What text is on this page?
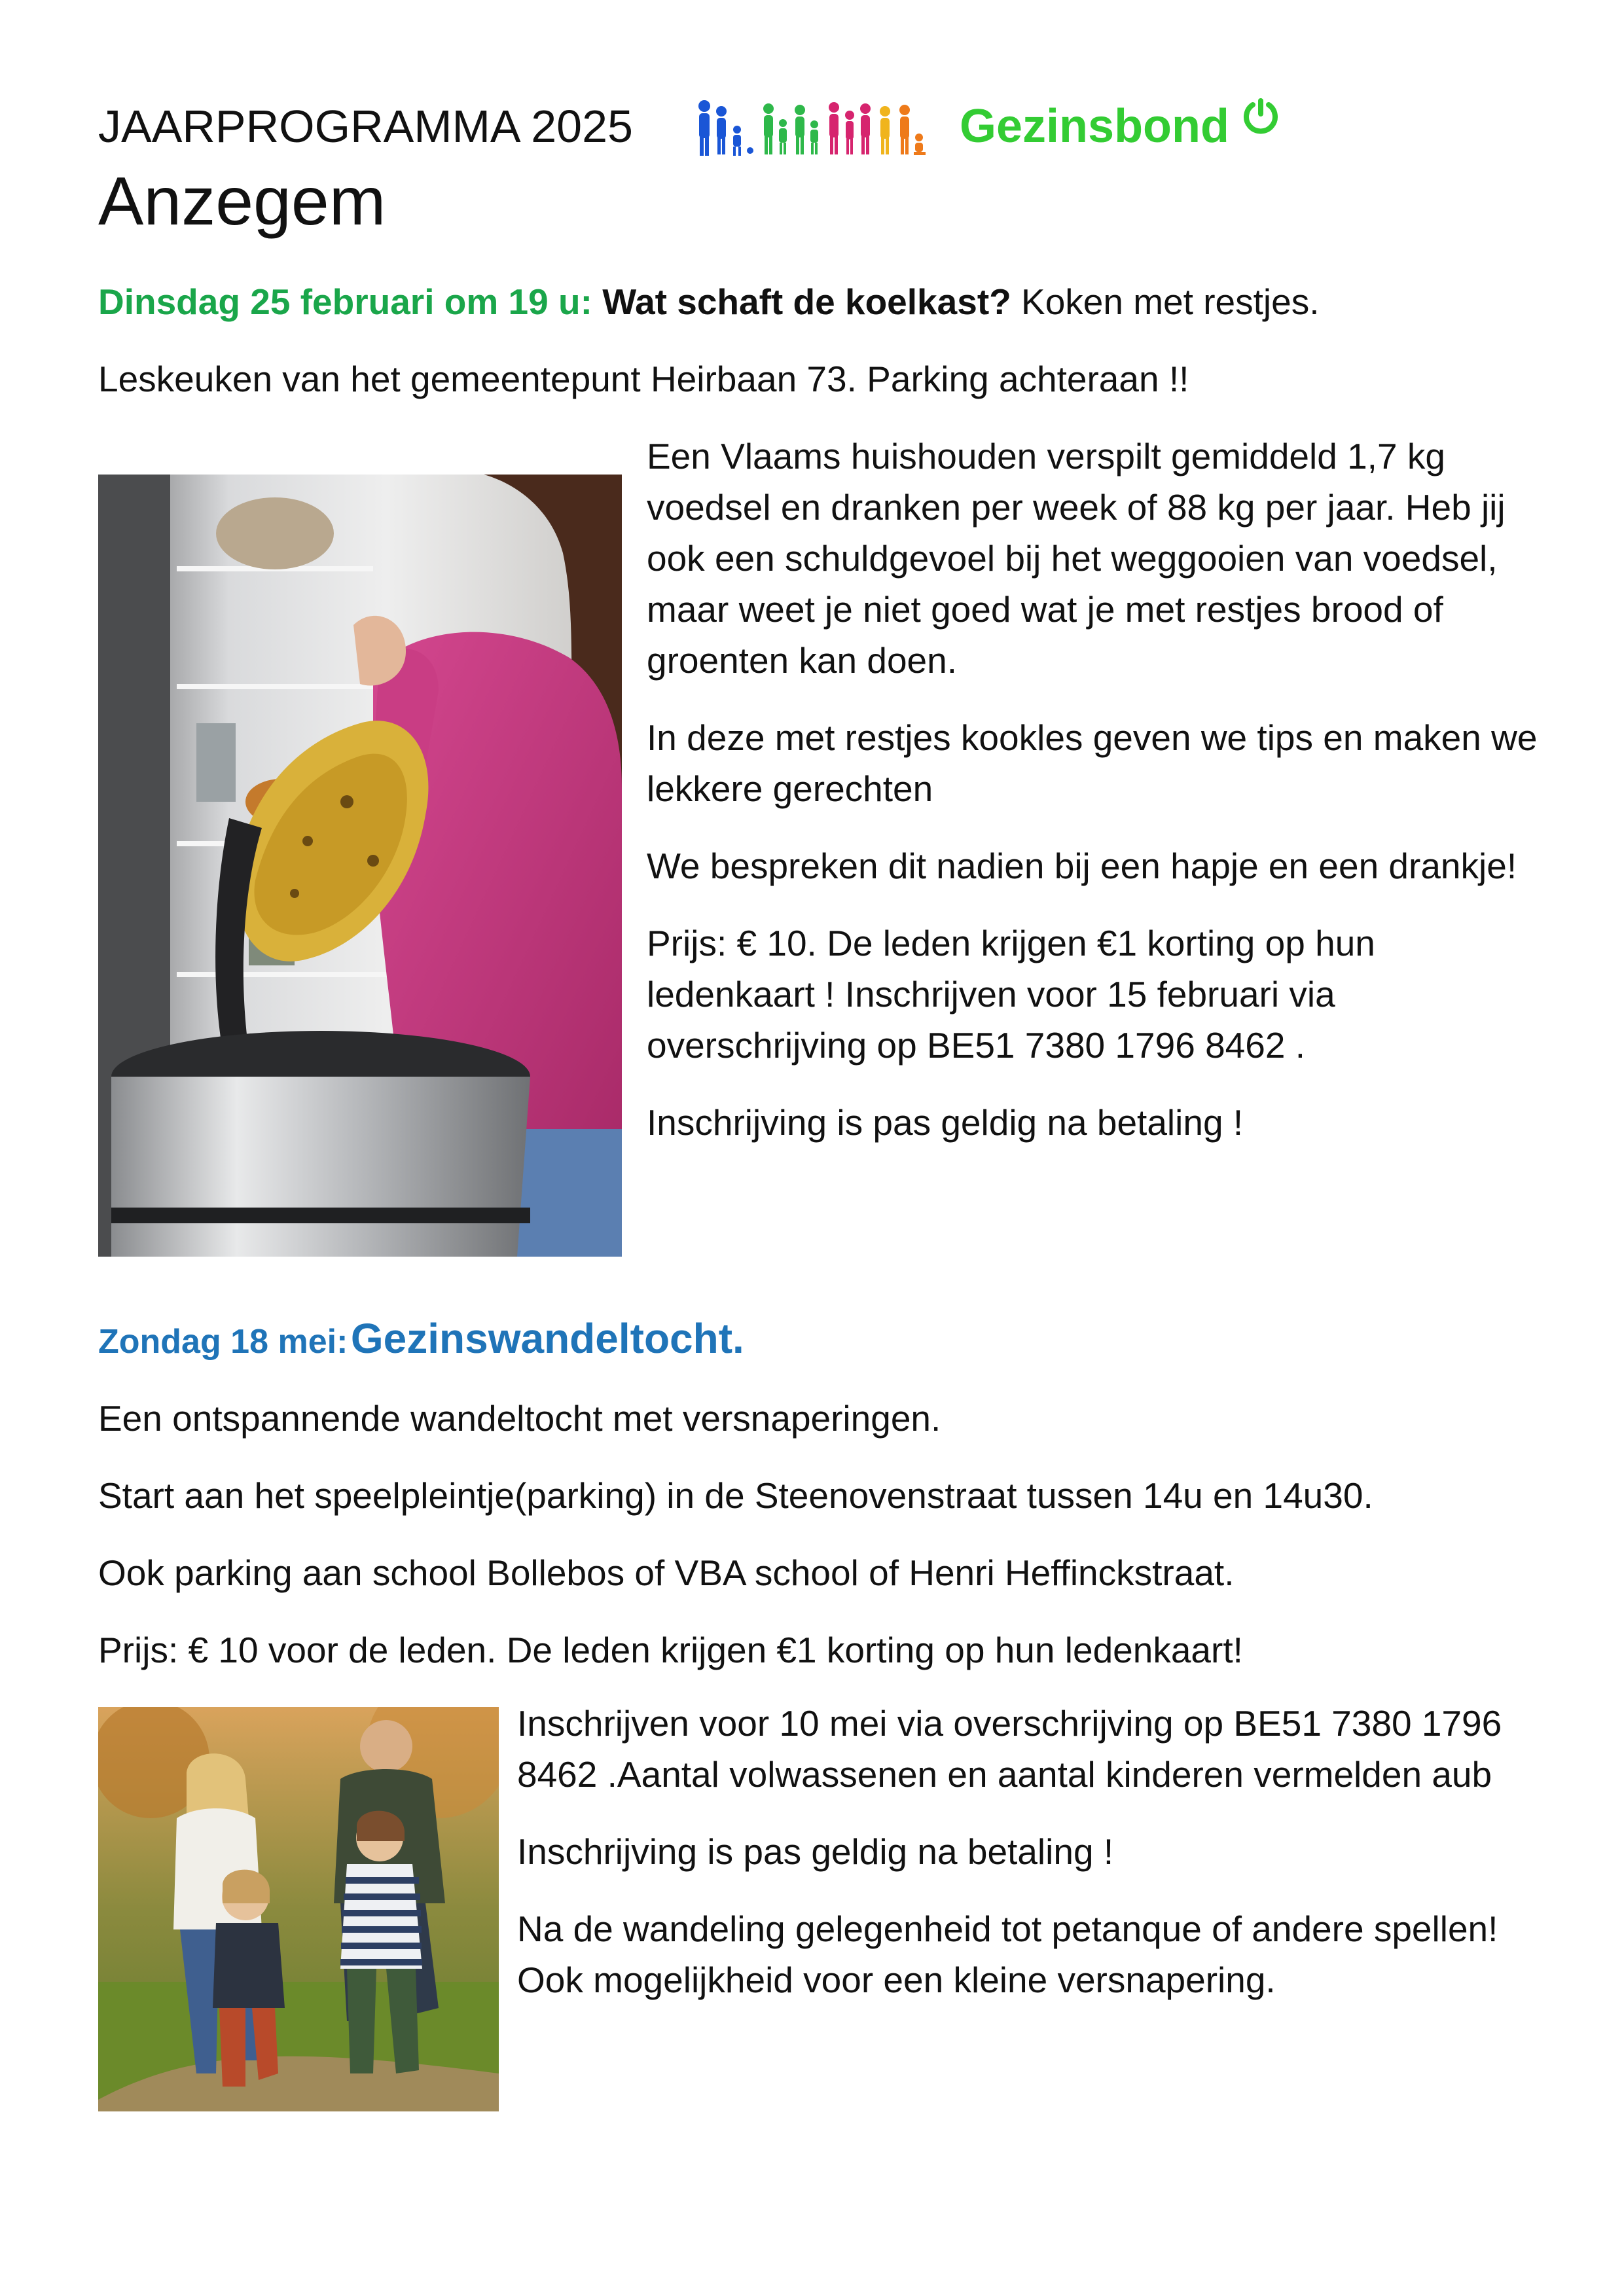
JAARPROGRAMMA 2025
Anzegem
Gezinsbond
Dinsdag 25 februari om 19 u: Wat schaft de koelkast? Koken met restjes.
Leskeuken van het gemeentepunt Heirbaan 73. Parking achteraan !!

Een Vlaams huishouden verspilt gemiddeld 1,7 kg voedsel en dranken per week of 88 kg per jaar. Heb jij ook een schuldgevoel bij het weggooien van voedsel, maar weet je niet goed wat je met restjes brood of groenten kan doen.

In deze met restjes kookles geven we tips en maken we lekkere gerechten

We bespreken dit nadien bij een hapje en een drankje!

Prijs: € 10. De leden krijgen €1 korting op hun ledenkaart ! Inschrijven voor 15 februari via overschrijving op BE51 7380 1796 8462 .

Inschrijving is pas geldig na betaling !

Zondag 18 mei: Gezinswandeltocht.
Een ontspannende wandeltocht met versnaperingen.
Start aan het speelpleintje(parking) in de Steenovenstraat tussen 14u en 14u30.
Ook parking aan school Bollebos of VBA school of Henri Heffinckstraat.
Prijs: € 10 voor de leden. De leden krijgen €1 korting op hun ledenkaart!

Inschrijven voor 10 mei via overschrijving op BE51 7380 1796 8462 .Aantal volwassenen en aantal kinderen vermelden aub

Inschrijving is pas geldig na betaling !

Na de wandeling gelegenheid tot petanque of andere spellen! Ook mogelijkheid voor een kleine versnapering.
